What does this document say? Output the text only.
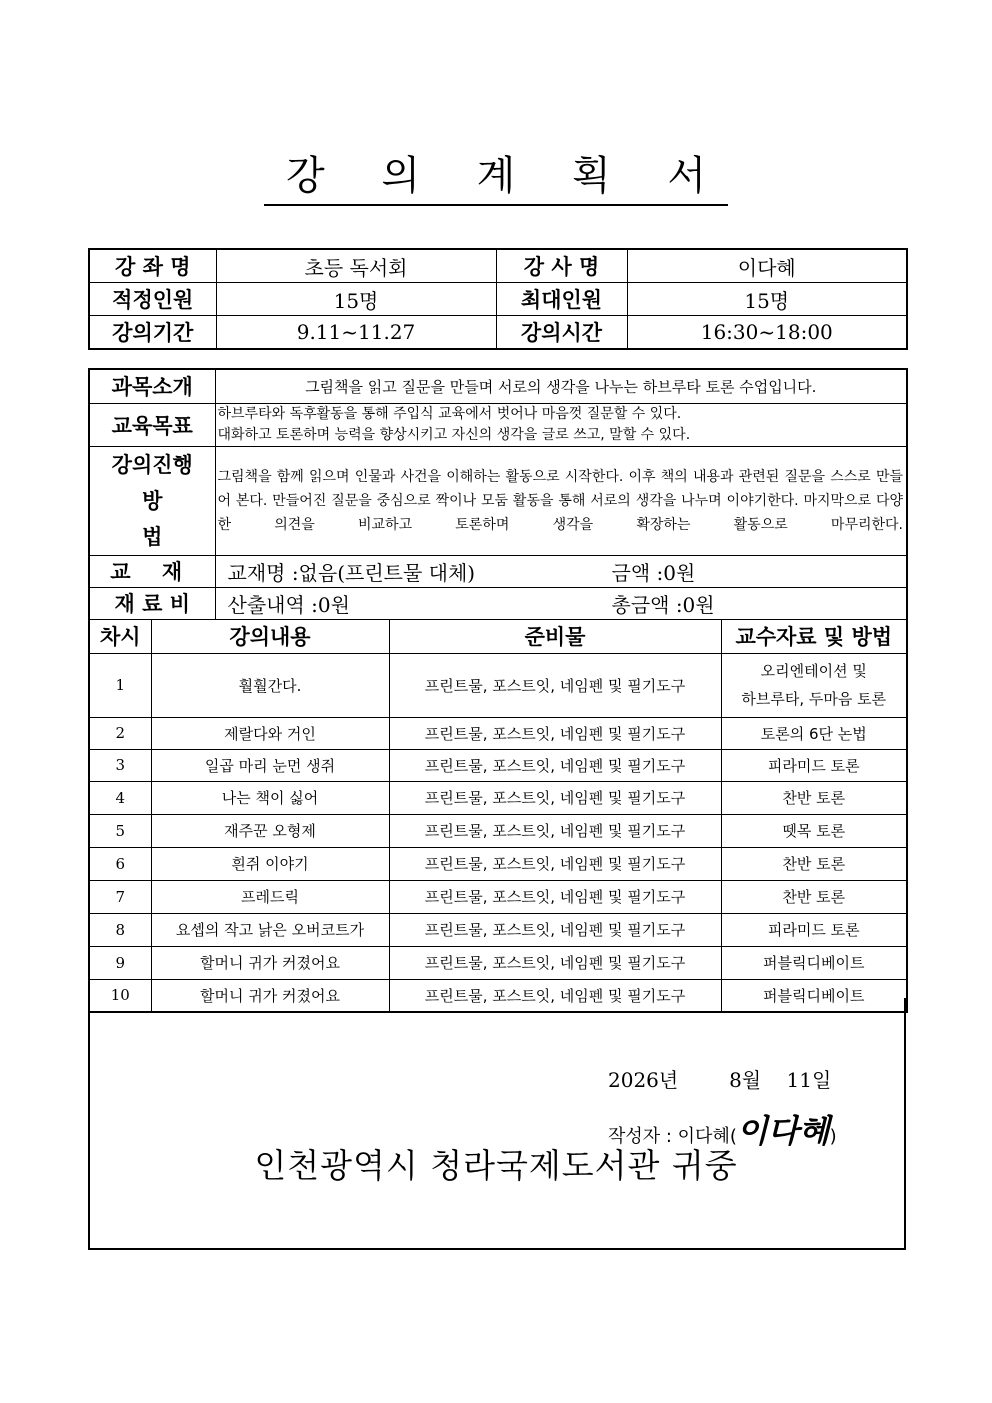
강 의 계 획 서
강 좌 명	초등 독서회	강 사 명	이다혜
적정인원	15명	최대인원	15명
강의기간	9.11~11.27	강의시간	16:30~18:00
과목소개		그림책을 읽고 질문을 만들며 서로의 생각을 나누는 하브루타 토론 수업입니다.		
교육목표		하브루타와 독후활동을 통해 주입식 교육에서 벗어나 마음껏 질문할 수 있다.
대화하고 토론하며 능력을 향상시키고 자신의 생각을 글로 쓰고, 말할 수 있다.		

강의진행
방 법		그림책을 함께 읽으며 인물과 사건을 이해하는 활동으로 시작한다. 이후 책의 내용과 관련된 질문을 스스로 만들어 본다. 만들어진 질문을 중심으로 짝이나 모둠 활동을 통해 서로의 생각을 나누며 이야기한다. 마지막으로 다양한 의견을 비교하고 토론하며 생각을 확장하는 활동으로 마무리한다.		
교 재		교재명 :없음(프린트물 대체) 금액 :0원		
재 료 비		산출내역 :0원 총금액 :0원		
차시	강의내용		준비물	교수자료 및 방법
1	훨훨간다.		프린트물, 포스트잇, 네임펜 및 필기도구	오리엔테이션 및
하브루타, 두마음 토론

2	제랄다와 거인		프린트물, 포스트잇, 네임펜 및 필기도구	토론의 6단 논법
3	일곱 마리 눈먼 생쥐		프린트물, 포스트잇, 네임펜 및 필기도구	피라미드 토론
4	나는 책이 싫어		프린트물, 포스트잇, 네임펜 및 필기도구	찬반 토론
5	재주꾼 오형제		프린트물, 포스트잇, 네임펜 및 필기도구	뗏목 토론
6	흰쥐 이야기		프린트물, 포스트잇, 네임펜 및 필기도구	찬반 토론
7	프레드릭		프린트물, 포스트잇, 네임펜 및 필기도구	찬반 토론
8	요셉의 작고 낡은 오버코트가		프린트물, 포스트잇, 네임펜 및 필기도구	피라미드 토론
9	할머니 귀가 커졌어요		프린트물, 포스트잇, 네임펜 및 필기도구	퍼블릭디베이트
10	할머니 귀가 커졌어요		프린트물, 포스트잇, 네임펜 및 필기도구	퍼블릭디베이트
2026년        8월    11일
작성자 : 이다혜(이다혜)
인천광역시 청라국제도서관 귀중
